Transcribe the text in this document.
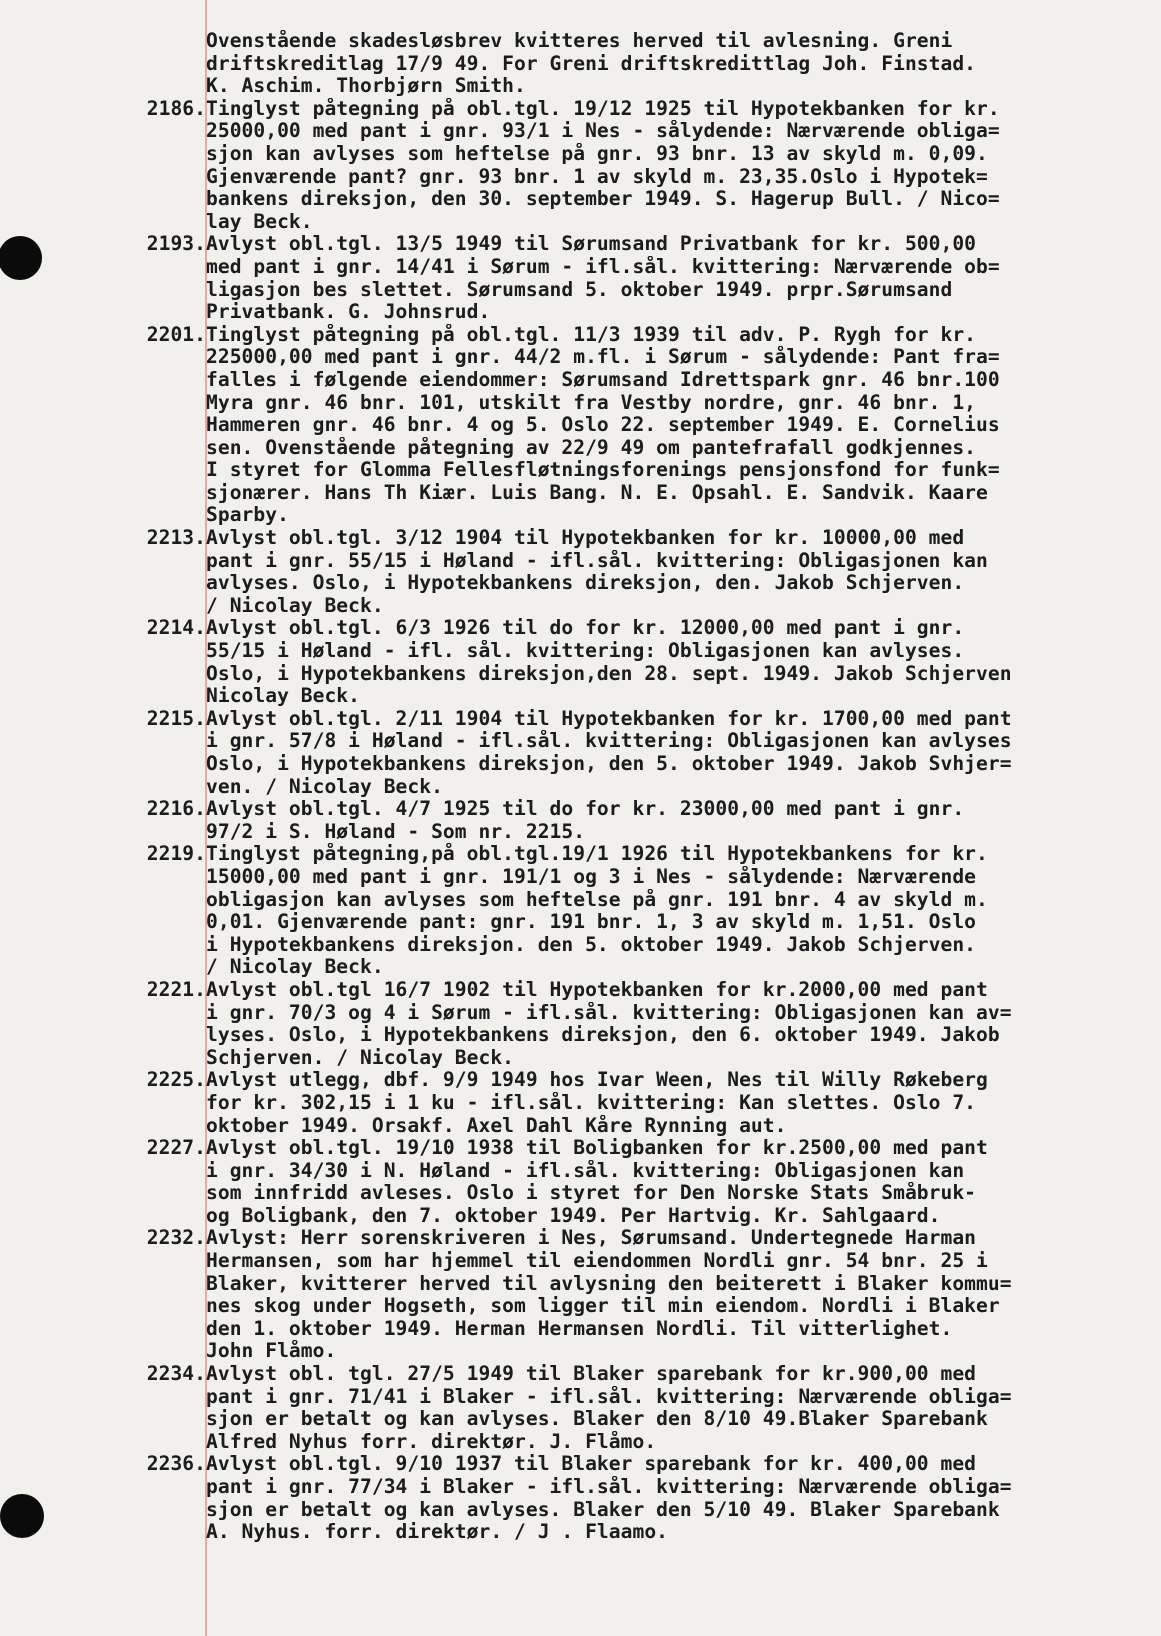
Ovenstående skadesløsbrev kvitteres herved til avlesning. Greni
driftskreditlag 17/9 49. For Greni driftskredittlag Joh. Finstad.
K. Aschim. Thorbjørn Smith.
2186. Tinglyst påtegning på obl.tgl. 19/12 1925 til Hypotekbanken for kr.
25000,00 med pant i gnr. 93/1 i Nes - sålydende: Nærværende obliga=
sjon kan avlyses som heftelse på gnr. 93 bnr. 13 av skyld m. 0,09.
Gjenværende pant? gnr. 93 bnr. 1 av skyld m. 23,35.Oslo i Hypotek=
bankens direksjon, den 30. september 1949. S. Hagerup Bull. / Nico=
lay Beck.
2193. Avlyst obl.tgl. 13/5 1949 til Sørumsand Privatbank for kr. 500,00
med pant i gnr. 14/41 i Sørum - ifl.sål. kvittering: Nærværende ob=
ligasjon bes slettet. Sørumsand 5. oktober 1949. prpr.Sørumsand
Privatbank. G. Johnsrud.
2201. Tinglyst påtegning på obl.tgl. 11/3 1939 til adv. P. Rygh for kr.
225000,00 med pant i gnr. 44/2 m.fl. i Sørum - sålydende: Pant fra=
falles i følgende eiendommer: Sørumsand Idrettspark gnr. 46 bnr.100
Myra gnr. 46 bnr. 101, utskilt fra Vestby nordre, gnr. 46 bnr. 1,
Hammeren gnr. 46 bnr. 4 og 5. Oslo 22. september 1949. E. Cornelius
sen. Ovenstående påtegning av 22/9 49 om pantefrafall godkjennes.
I styret for Glomma Fellesfløtningsforenings pensjonsfond for funk=
sjonærer. Hans Th Kiær. Luis Bang. N. E. Opsahl. E. Sandvik. Kaare
Sparby.
2213. Avlyst obl.tgl. 3/12 1904 til Hypotekbanken for kr. 10000,00 med
pant i gnr. 55/15 i Høland - ifl.sål. kvittering: Obligasjonen kan
avlyses. Oslo, i Hypotekbankens direksjon, den. Jakob Schjerven.
/ Nicolay Beck.
2214. Avlyst obl.tgl. 6/3 1926 til do for kr. 12000,00 med pant i gnr.
55/15 i Høland - ifl. sål. kvittering: Obligasjonen kan avlyses.
Oslo, i Hypotekbankens direksjon,den 28. sept. 1949. Jakob Schjerven
Nicolay Beck.
2215. Avlyst obl.tgl. 2/11 1904 til Hypotekbanken for kr. 1700,00 med pant
i gnr. 57/8 i Høland - ifl.sål. kvittering: Obligasjonen kan avlyses
Oslo, i Hypotekbankens direksjon, den 5. oktober 1949. Jakob Svhjer=
ven. / Nicolay Beck.
2216. Avlyst obl.tgl. 4/7 1925 til do for kr. 23000,00 med pant i gnr.
97/2 i S. Høland - Som nr. 2215.
2219. Tinglyst påtegning,på obl.tgl.19/1 1926 til Hypotekbankens for kr.
15000,00 med pant i gnr. 191/1 og 3 i Nes - sålydende: Nærværende
obligasjon kan avlyses som heftelse på gnr. 191 bnr. 4 av skyld m.
0,01. Gjenværende pant: gnr. 191 bnr. 1, 3 av skyld m. 1,51. Oslo
i Hypotekbankens direksjon. den 5. oktober 1949. Jakob Schjerven.
/ Nicolay Beck.
2221. Avlyst obl.tgl 16/7 1902 til Hypotekbanken for kr.2000,00 med pant
i gnr. 70/3 og 4 i Sørum - ifl.sål. kvittering: Obligasjonen kan av=
lyses. Oslo, i Hypotekbankens direksjon, den 6. oktober 1949. Jakob
Schjerven. / Nicolay Beck.
2225. Avlyst utlegg, dbf. 9/9 1949 hos Ivar Ween, Nes til Willy Røkeberg
for kr. 302,15 i 1 ku - ifl.sål. kvittering: Kan slettes. Oslo 7.
oktober 1949. Orsakf. Axel Dahl Kåre Rynning aut.
2227. Avlyst obl.tgl. 19/10 1938 til Boligbanken for kr.2500,00 med pant
i gnr. 34/30 i N. Høland - ifl.sål. kvittering: Obligasjonen kan
som innfridd avleses. Oslo i styret for Den Norske Stats Småbruk-
og Boligbank, den 7. oktober 1949. Per Hartvig. Kr. Sahlgaard.
2232. Avlyst: Herr sorenskriveren i Nes, Sørumsand. Undertegnede Harman
Hermansen, som har hjemmel til eiendommen Nordli gnr. 54 bnr. 25 i
Blaker, kvitterer herved til avlysning den beiterett i Blaker kommu=
nes skog under Hogseth, som ligger til min eiendom. Nordli i Blaker
den 1. oktober 1949. Herman Hermansen Nordli. Til vitterlighet.
John Flåmo.
2234. Avlyst obl. tgl. 27/5 1949 til Blaker sparebank for kr.900,00 med
pant i gnr. 71/41 i Blaker - ifl.sål. kvittering: Nærværende obliga=
sjon er betalt og kan avlyses. Blaker den 8/10 49.Blaker Sparebank
Alfred Nyhus forr. direktør. J. Flåmo.
2236. Avlyst obl.tgl. 9/10 1937 til Blaker sparebank for kr. 400,00 med
pant i gnr. 77/34 i Blaker - ifl.sål. kvittering: Nærværende obliga=
sjon er betalt og kan avlyses. Blaker den 5/10 49. Blaker Sparebank
A. Nyhus. forr. direktør. / J . Flaamo.
